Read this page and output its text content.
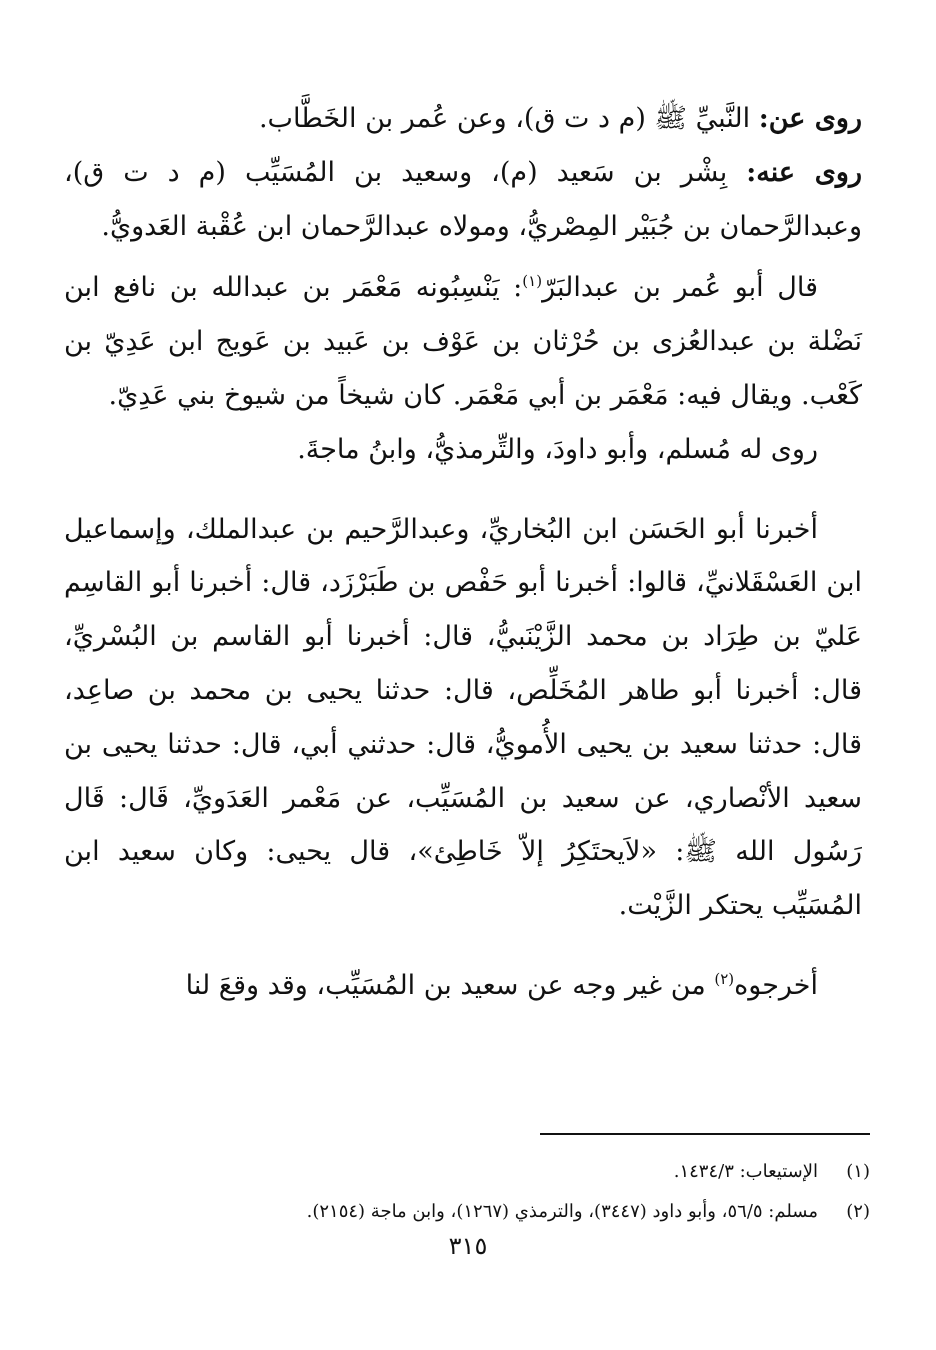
روى عن: النَّبيِّ ﷺ (م د ت ق)، وعن عُمر بن الخَطَّاب.

روى عنه: بِشْر بن سَعيد (م)، وسعيد بن المُسَيِّب (م د ت ق)، وعبدالرَّحمان بن جُبَيْر المِصْريُّ، ومولاه عبدالرَّحمان ابن عُقْبة العَدويُّ.

قال أبو عُمر بن عبدالبَرّ$^{(١)}$: يَنْسِبُونه مَعْمَر بن عبدالله بن نافع ابن نَضْلة بن عبدالعُزى بن حُرْثان بن عَوْف بن عَبيد بن عَويج ابن عَدِيّ بن كَعْب. ويقال فيه: مَعْمَر بن أبي مَعْمَر. كان شيخاً من شيوخ بني عَدِيّ.

روى له مُسلم، وأبو داودَ، والتِّرمذيُّ، وابنُ ماجةَ.

أخبرنا أبو الحَسَن ابن البُخاريِّ، وعبدالرَّحيم بن عبدالملك، وإسماعيل ابن العَسْقَلانيِّ، قالوا: أخبرنا أبو حَفْص بن طَبَرْزَد، قال: أخبرنا أبو القاسِم عَليّ بن طِرَاد بن محمد الزَّيْنَبيُّ، قال: أخبرنا أبو القاسم بن البُسْريِّ، قال: أخبرنا أبو طاهر المُخَلِّص، قال: حدثنا يحيى بن محمد بن صاعِد، قال: حدثنا سعيد بن يحيى الأُمويُّ، قال: حدثني أبي، قال: حدثنا يحيى بن سعيد الأنْصاري، عن سعيد بن المُسَيِّب، عن مَعْمر العَدَويِّ، قَال: قَال رَسُول الله ﷺ: «لاَيحتَكِرُ إلاّ خَاطِئ»، قال يحيى: وكان سعيد ابن المُسَيِّب يحتكر الزَّيْت.

أخرجوه$^{(٢)}$ من غير وجه عن سعيد بن المُسَيِّب، وقد وقعَ لنا

(١)
الإستيعاب: ١٤٣٤/٣.
(٢)
مسلم: ٥٦/٥، وأبو داود (٣٤٤٧)، والترمذي (١٢٦٧)، وابن ماجة (٢١٥٤).
٣١٥
